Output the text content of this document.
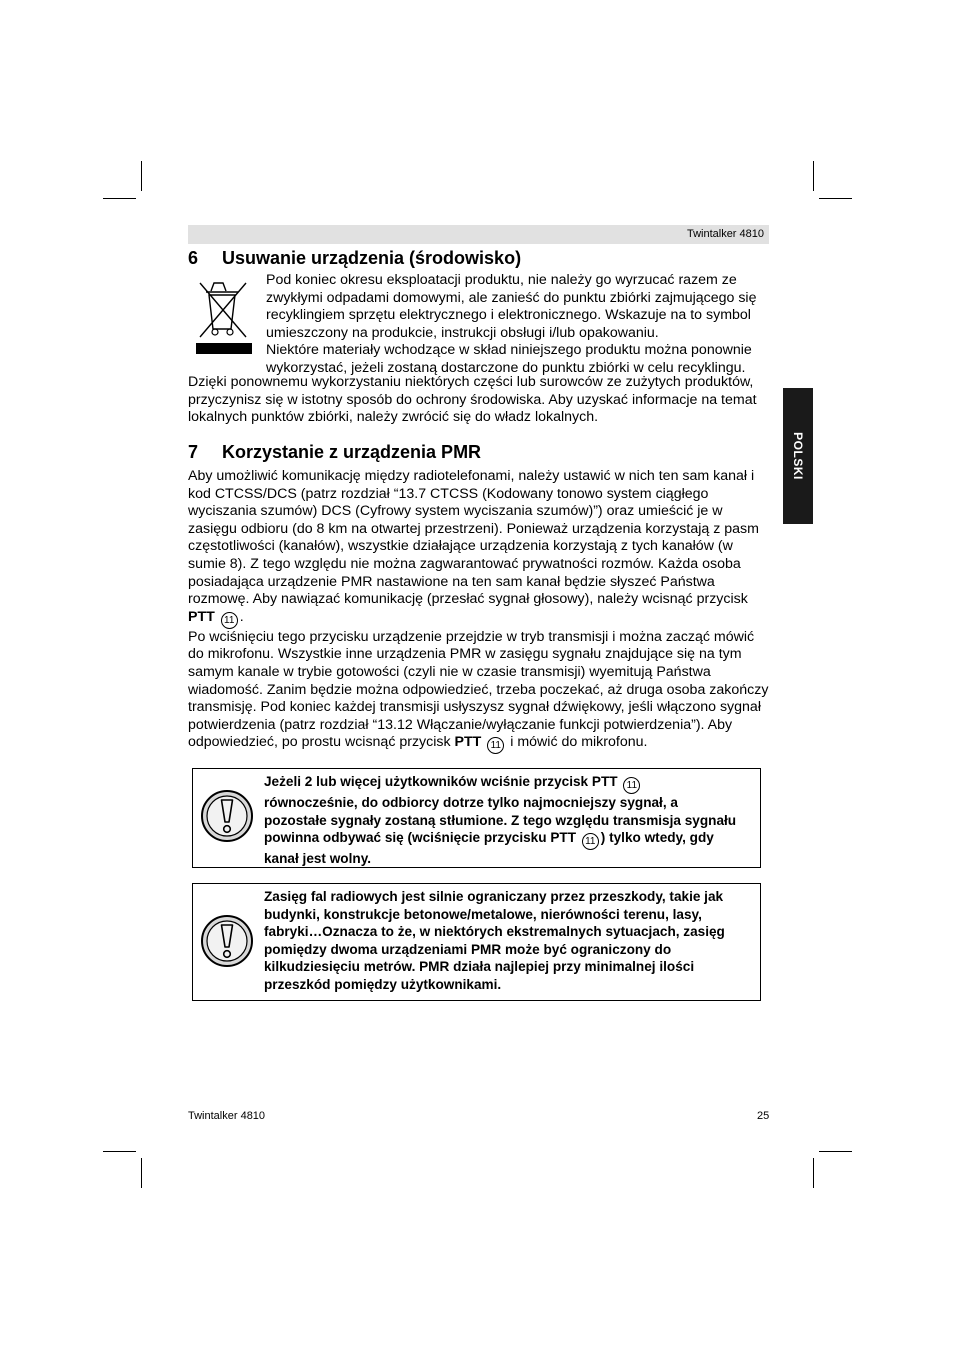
Twintalker 4810
POLSKI
6 Usuwanie urządzenia (środowisko)

Pod koniec okresu eksploatacji produktu, nie należy go wyrzucać razem ze

zwykłymi odpadami domowymi, ale zanieść do punktu zbiórki zajmującego się

recyklingiem sprzętu elektrycznego i elektronicznego. Wskazuje na to symbol

umieszczony na produkcie, instrukcji obsługi i/lub opakowaniu.

Niektóre materiały wchodzące w skład niniejszego produktu można ponownie

wykorzystać, jeżeli zostaną dostarczone do punktu zbiórki w celu recyklingu.

Dzięki ponownemu wykorzystaniu niektórych części lub surowców ze zużytych produktów,

przyczynisz się w istotny sposób do ochrony środowiska. Aby uzyskać informacje na temat

lokalnych punktów zbiórki, należy zwrócić się do władz lokalnych.

7 Korzystanie z urządzenia PMR

Aby umożliwić komunikację między radiotelefonami, należy ustawić w nich ten sam kanał i

kod CTCSS/DCS (patrz rozdział “13.7 CTCSS (Kodowany tonowo system ciągłego

wyciszania szumów) DCS (Cyfrowy system wyciszania szumów)”) oraz umieścić je w

zasięgu odbioru (do 8 km na otwartej przestrzeni). Ponieważ urządzenia korzystają z pasm

częstotliwości (kanałów), wszystkie działające urządzenia korzystają z tych kanałów (w

sumie 8). Z tego względu nie można zagwarantować prywatności rozmów. Każda osoba

posiadająca urządzenie PMR nastawione na ten sam kanał będzie słyszeć Państwa

rozmowę. Aby nawiązać komunikację (przesłać sygnał głosowy), należy wcisnąć przycisk

PTT 11 .

Po wciśnięciu tego przycisku urządzenie przejdzie w tryb transmisji i można zacząć mówić

do mikrofonu. Wszystkie inne urządzenia PMR w zasięgu sygnału znajdujące się na tym

samym kanale w trybie gotowości (czyli nie w czasie transmisji) wyemitują Państwa

wiadomość. Zanim będzie można odpowiedzieć, trzeba poczekać, aż druga osoba zakończy

transmisję. Pod koniec każdej transmisji usłyszysz sygnał dźwiękowy, jeśli włączono sygnał

potwierdzenia (patrz rozdział “13.12 Włączanie/wyłączanie funkcji potwierdzenia”). Aby

odpowiedzieć, po prostu wcisnąć przycisk PTT 11 i mówić do mikrofonu.

Jeżeli 2 lub więcej użytkowników wciśnie przycisk PTT 11
równocześnie, do odbiorcy dotrze tylko najmocniejszy sygnał, a
pozostałe sygnały zostaną stłumione. Z tego względu transmisja sygnału
powinna odbywać się (wciśnięcie przycisku PTT 11 ) tylko wtedy, gdy
kanał jest wolny.
Zasięg fal radiowych jest silnie ograniczany przez przeszkody, takie jak
budynki, konstrukcje betonowe/metalowe, nierówności terenu, lasy,
fabryki…Oznacza to że, w niektórych ekstremalnych sytuacjach, zasięg
pomiędzy dwoma urządzeniami PMR może być ograniczony do
kilkudziesięciu metrów. PMR działa najlepiej przy minimalnej ilości
przeszkód pomiędzy użytkownikami.
Twintalker 4810	25
